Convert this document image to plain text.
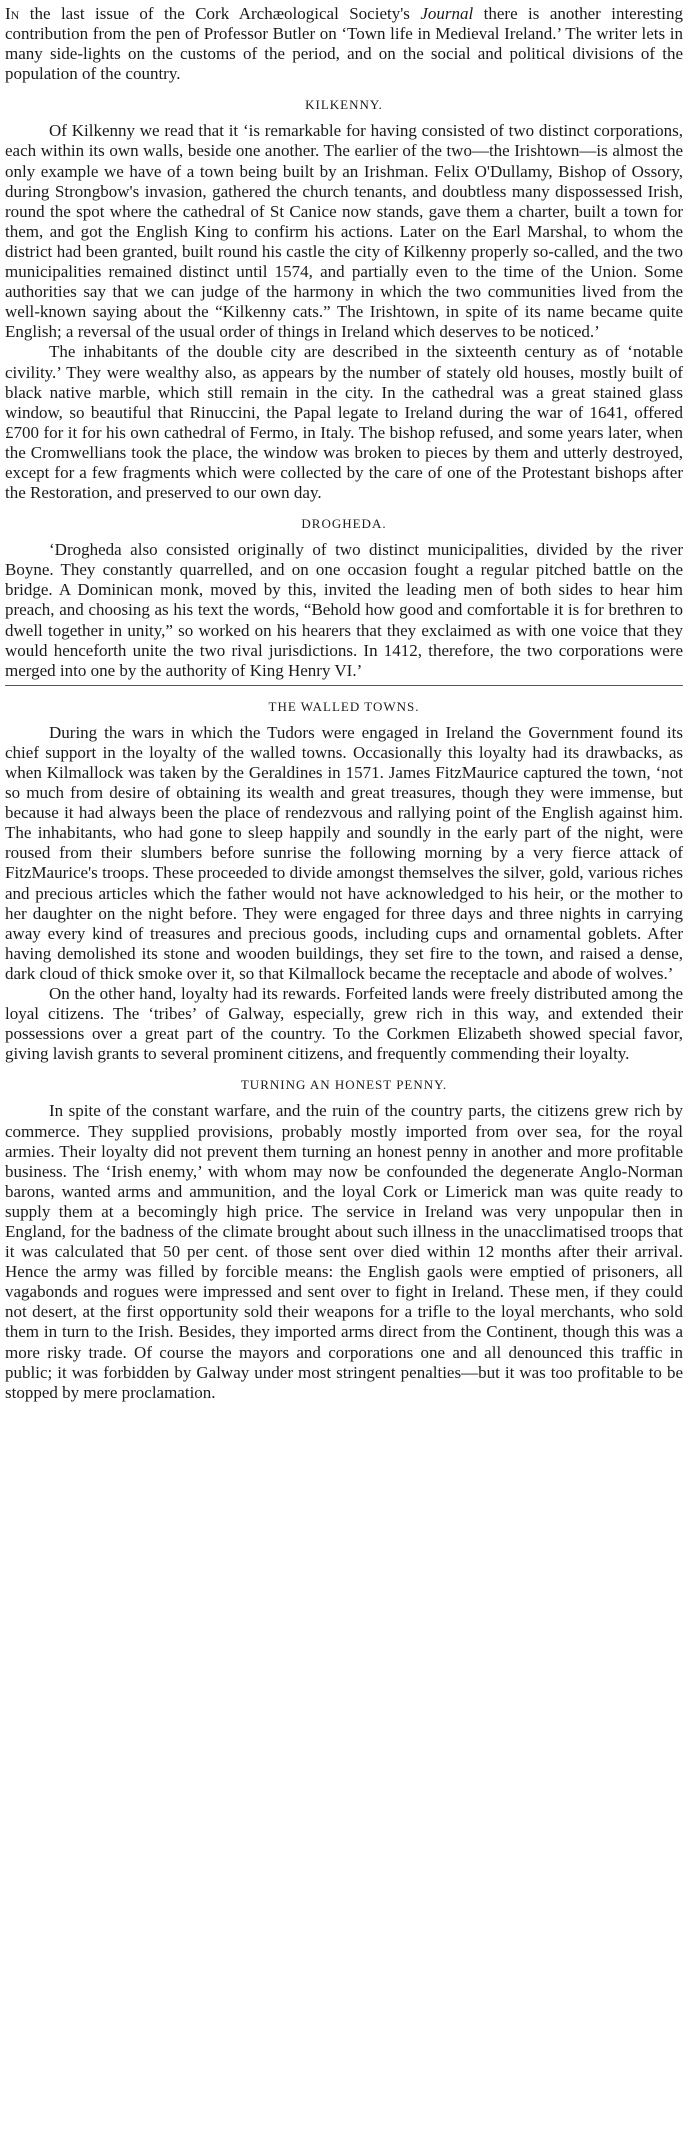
In the last issue of the Cork Archæological Society's Journal there is another interesting contribution from the pen of Professor Butler on ‘Town life in Medieval Ireland.’ The writer lets in many side-lights on the customs of the period, and on the social and political divisions of the population of the country.

KILKENNY.

Of Kilkenny we read that it ‘is remarkable for having consisted of two distinct corporations, each within its own walls, beside one another. The earlier of the two—the Irishtown—is almost the only example we have of a town being built by an Irishman. Felix O'Dullamy, Bishop of Ossory, during Strongbow's invasion, gathered the church tenants, and doubtless many dispossessed Irish, round the spot where the cathedral of St Canice now stands, gave them a charter, built a town for them, and got the English King to confirm his actions. Later on the Earl Marshal, to whom the district had been granted, built round his castle the city of Kilkenny properly so-called, and the two municipalities remained distinct until 1574, and partially even to the time of the Union. Some authorities say that we can judge of the harmony in which the two communities lived from the well-known saying about the “Kilkenny cats.” The Irishtown, in spite of its name became quite English; a reversal of the usual order of things in Ireland which deserves to be noticed.’

The inhabitants of the double city are described in the sixteenth century as of ‘notable civility.’ They were wealthy also, as appears by the number of stately old houses, mostly built of black native marble, which still remain in the city. In the cathedral was a great stained glass window, so beautiful that Rinuccini, the Papal legate to Ireland during the war of 1641, offered £700 for it for his own cathedral of Fermo, in Italy. The bishop refused, and some years later, when the Cromwellians took the place, the window was broken to pieces by them and utterly destroyed, except for a few fragments which were collected by the care of one of the Protestant bishops after the Restoration, and preserved to our own day.

DROGHEDA.

‘Drogheda also consisted originally of two distinct municipalities, divided by the river Boyne. They constantly quarrelled, and on one occasion fought a regular pitched battle on the bridge. A Dominican monk, moved by this, invited the leading men of both sides to hear him preach, and choosing as his text the words, “Behold how good and comfortable it is for brethren to dwell together in unity,” so worked on his hearers that they exclaimed as with one voice that they would henceforth unite the two rival jurisdictions. In 1412, therefore, the two corporations were merged into one by the authority of King Henry VI.’

THE WALLED TOWNS.

During the wars in which the Tudors were engaged in Ireland the Government found its chief support in the loyalty of the walled towns. Occasionally this loyalty had its drawbacks, as when Kilmallock was taken by the Geraldines in 1571. James FitzMaurice captured the town, ‘not so much from desire of obtaining its wealth and great treasures, though they were immense, but because it had always been the place of rendezvous and rallying point of the English against him. The inhabitants, who had gone to sleep happily and soundly in the early part of the night, were roused from their slumbers before sunrise the following morning by a very fierce attack of FitzMaurice's troops. These proceeded to divide amongst themselves the silver, gold, various riches and precious articles which the father would not have acknowledged to his heir, or the mother to her daughter on the night before. They were engaged for three days and three nights in carrying away every kind of treasures and precious goods, including cups and ornamental goblets. After having demolished its stone and wooden buildings, they set fire to the town, and raised a dense, dark cloud of thick smoke over it, so that Kilmallock became the receptacle and abode of wolves.’

On the other hand, loyalty had its rewards. Forfeited lands were freely distributed among the loyal citizens. The ‘tribes’ of Galway, especially, grew rich in this way, and extended their possessions over a great part of the country. To the Corkmen Elizabeth showed special favor, giving lavish grants to several prominent citizens, and frequently commending their loyalty.

TURNING AN HONEST PENNY.

In spite of the constant warfare, and the ruin of the country parts, the citizens grew rich by commerce. They supplied provisions, probably mostly imported from over sea, for the royal armies. Their loyalty did not prevent them turning an honest penny in another and more profitable business. The ‘Irish enemy,’ with whom may now be confounded the degenerate Anglo-Norman barons, wanted arms and ammunition, and the loyal Cork or Limerick man was quite ready to supply them at a becomingly high price. The service in Ireland was very unpopular then in England, for the badness of the climate brought about such illness in the unacclimatised troops that it was calculated that 50 per cent. of those sent over died within 12 months after their arrival. Hence the army was filled by forcible means: the English gaols were emptied of prisoners, all vagabonds and rogues were impressed and sent over to fight in Ireland. These men, if they could not desert, at the first opportunity sold their weapons for a trifle to the loyal merchants, who sold them in turn to the Irish. Besides, they imported arms direct from the Continent, though this was a more risky trade. Of course the mayors and corporations one and all denounced this traffic in public; it was forbidden by Galway under most stringent penalties—but it was too profitable to be stopped by mere proclamation.
